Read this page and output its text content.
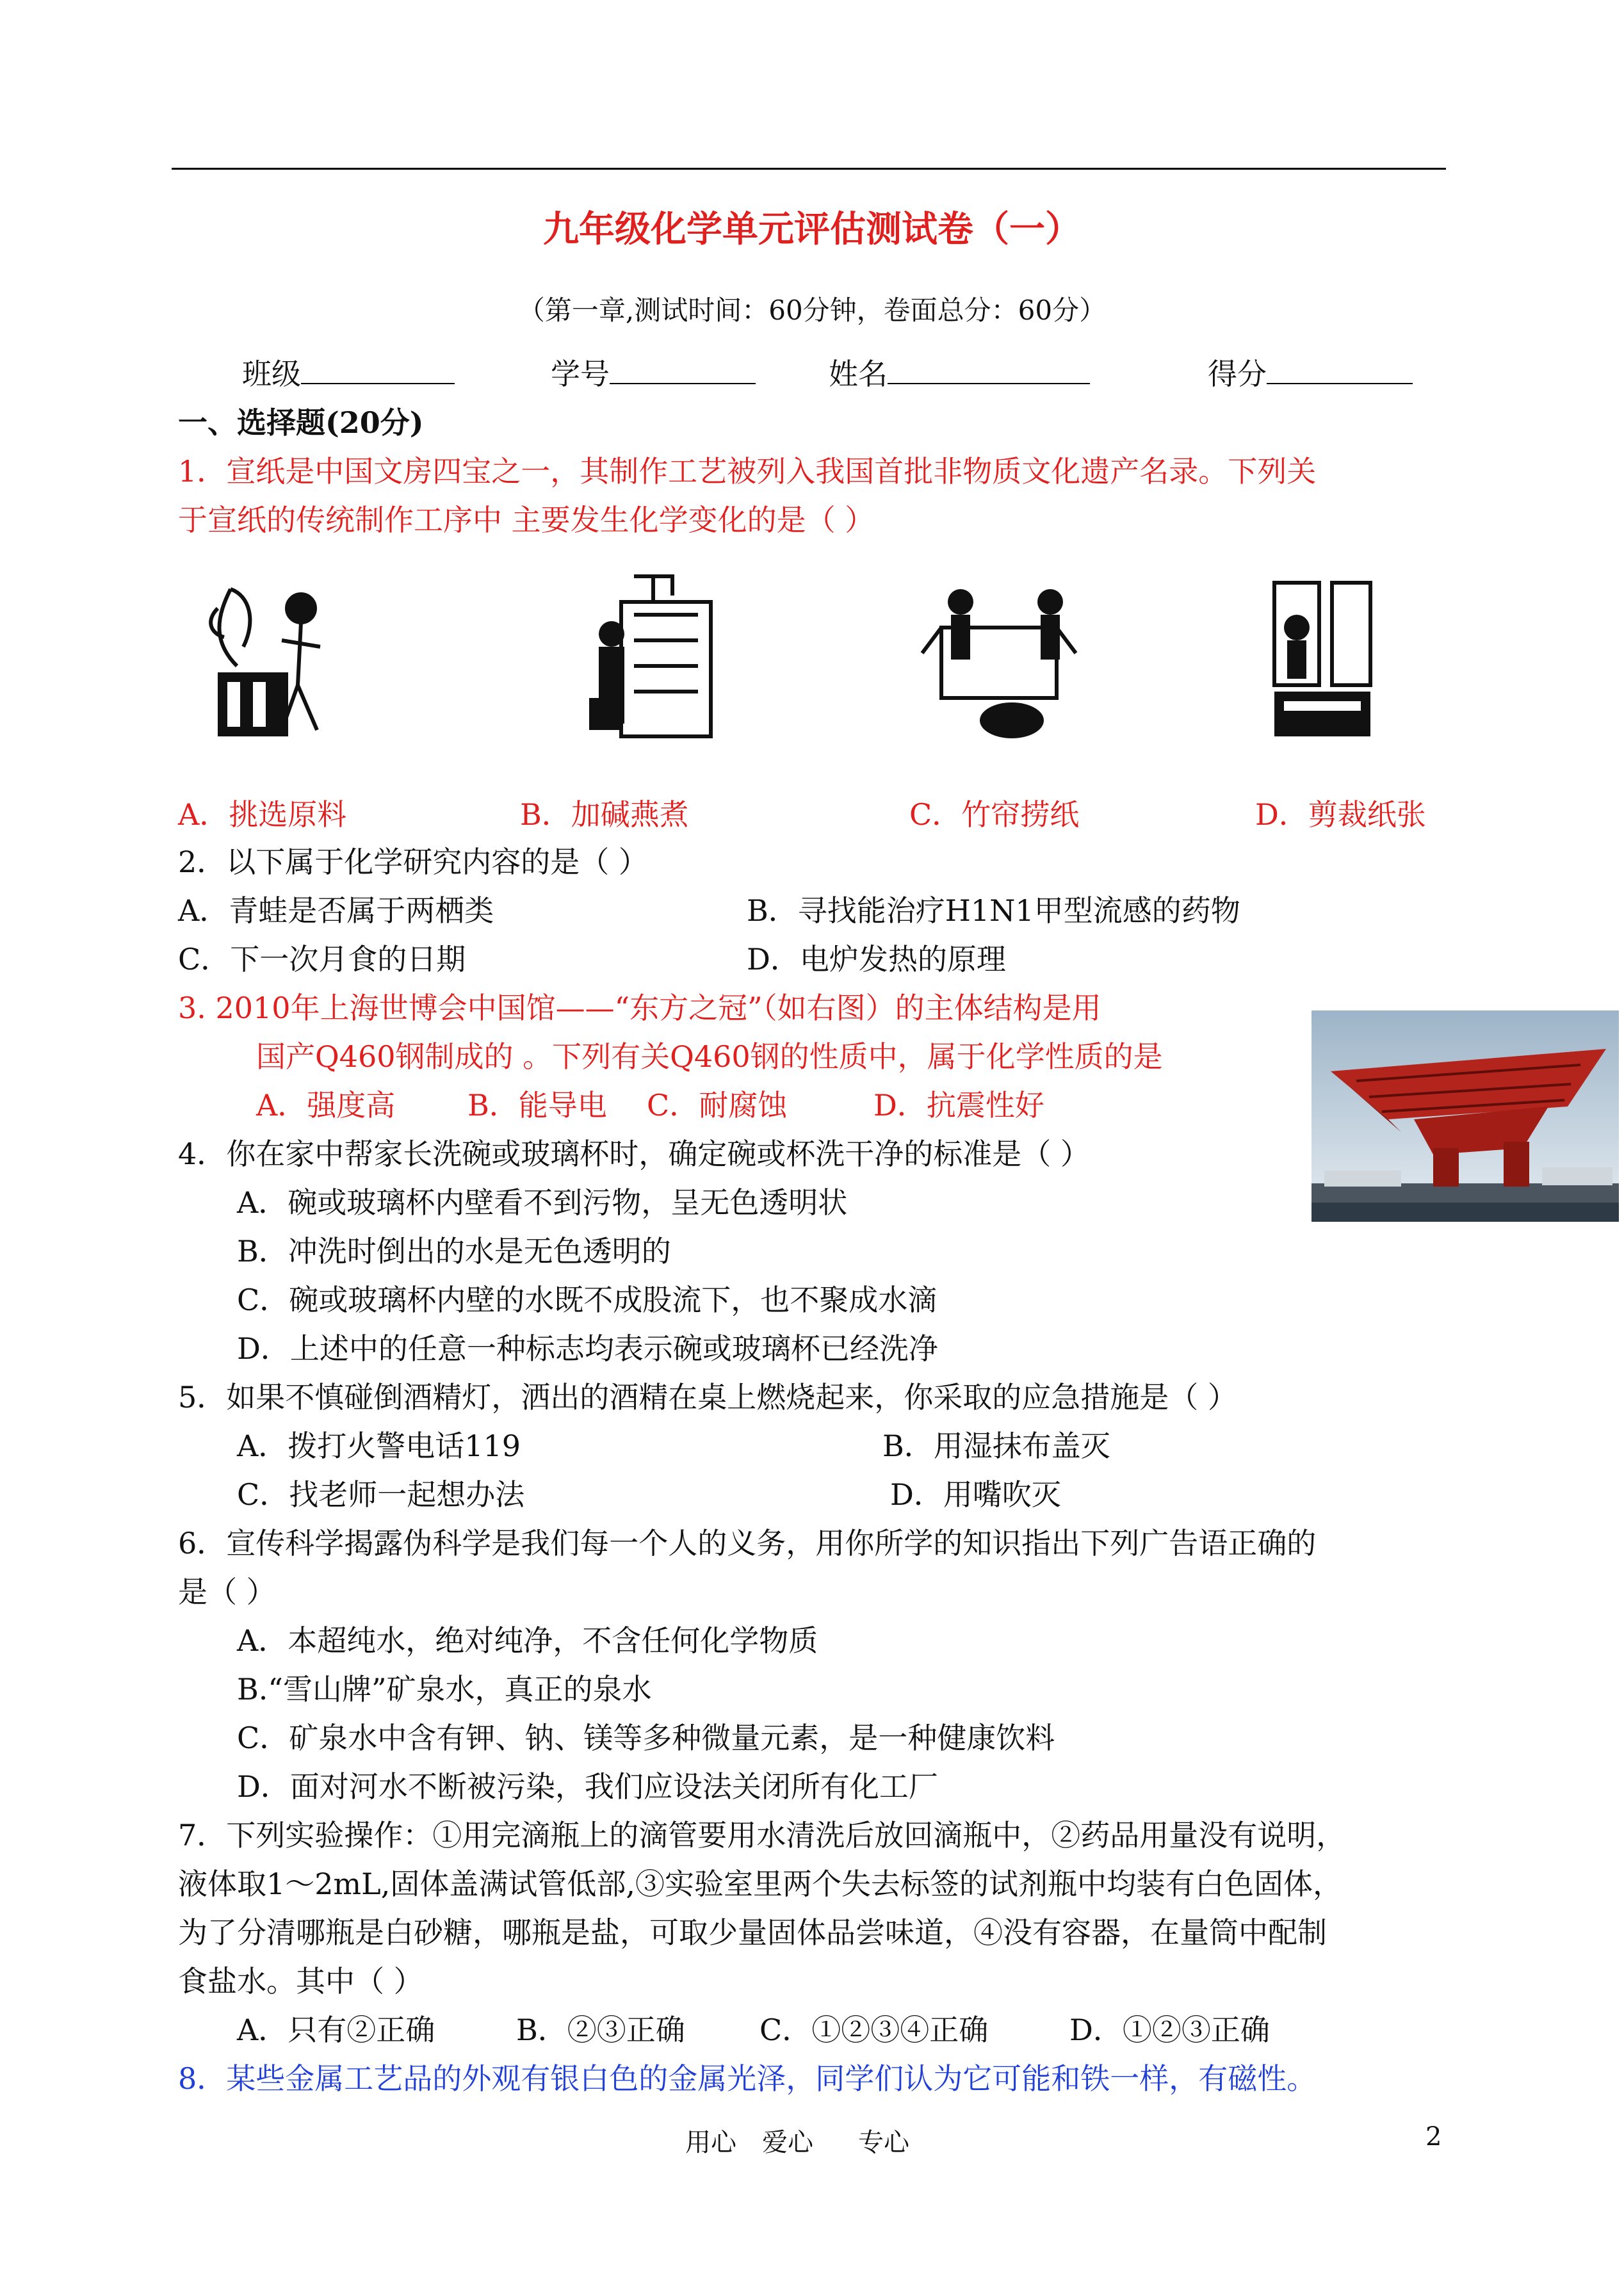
九年级化学单元评估测试卷（一）
（第一章,测试时间：60分钟，卷面总分：60分）
班级	学号	姓名	得分
一、选择题(20分)
1．宣纸是中国文房四宝之一，其制作工艺被列入我国首批非物质文化遗产名录。下列关
于宣纸的传统制作工序中 主要发生化学变化的是（ ）
A．挑选原料	B．加碱燕煮	C．竹帘捞纸	D．剪裁纸张
2．以下属于化学研究内容的是（ ）
A．青蛙是否属于两栖类	B．寻找能治疗H1N1甲型流感的药物
C．下一次月食的日期	D．电炉发热的原理
3. 2010年上海世博会中国馆——“东方之冠”（如右图）的主体结构是用
国产Q460钢制成的 。下列有关Q460钢的性质中，属于化学性质的是
A．强度高 B．能导电 C．耐腐蚀	D．抗震性好
4．你在家中帮家长洗碗或玻璃杯时，确定碗或杯洗干净的标准是（ ）
A．碗或玻璃杯内壁看不到污物，呈无色透明状
B．冲洗时倒出的水是无色透明的
C．碗或玻璃杯内壁的水既不成股流下，也不聚成水滴
D．上述中的任意一种标志均表示碗或玻璃杯已经洗净
5．如果不慎碰倒酒精灯，洒出的酒精在桌上燃烧起来，你采取的应急措施是（ ）
A．拨打火警电话119	B．用湿抹布盖灭
C．找老师一起想办法	D．用嘴吹灭
6．宣传科学揭露伪科学是我们每一个人的义务，用你所学的知识指出下列广告语正确的
是（ ）
A．本超纯水，绝对纯净，不含任何化学物质
B.“雪山牌”矿泉水，真正的泉水
C．矿泉水中含有钾、钠、镁等多种微量元素，是一种健康饮料
D．面对河水不断被污染，我们应设法关闭所有化工厂
7．下列实验操作：①用完滴瓶上的滴管要用水清洗后放回滴瓶中，②药品用量没有说明，
液体取1～2mL,固体盖满试管低部,③实验室里两个失去标签的试剂瓶中均装有白色固体，
为了分清哪瓶是白砂糖，哪瓶是盐，可取少量固体品尝味道，④没有容器，在量筒中配制
食盐水。其中（ ）
A．只有②正确	B．②③正确	C．①②③④正确	D．①②③正确
8．某些金属工艺品的外观有银白色的金属光泽，同学们认为它可能和铁一样，有磁性。
用心 爱心 专心	2
